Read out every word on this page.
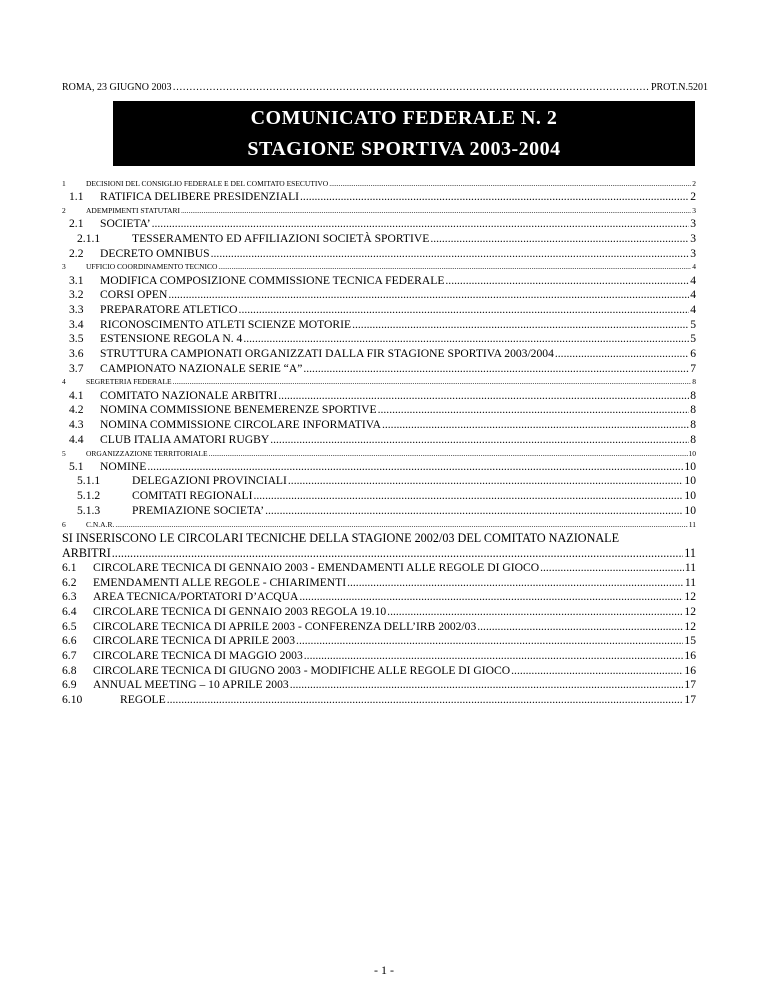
ROMA, 23 GIUGNO 2003 ……………………………………………………………………………………………………………………………………………………………………………………………………	PROT.N.5201
COMUNICATO FEDERALE N. 2
STAGIONE SPORTIVA 2003-2004
1	DECISIONI DEL CONSIGLIO FEDERALE E DEL COMITATO ESECUTIVO .....	2
1.1	RATIFICA DELIBERE PRESIDENZIALI .....	2
2	ADEMPIMENTI STATUTARI .....	3
2.1	SOCIETA’ .....	3
2.1.1	TESSERAMENTO ED AFFILIAZIONI SOCIETÀ SPORTIVE .....	3
2.2	DECRETO OMNIBUS .....	3
3	UFFICIO COORDINAMENTO TECNICO .....	4
3.1	MODIFICA COMPOSIZIONE COMMISSIONE TECNICA FEDERALE .....	4
3.2	CORSI OPEN .....	4
3.3	PREPARATORE ATLETICO .....	4
3.4	RICONOSCIMENTO ATLETI SCIENZE MOTORIE .....	5
3.5	ESTENSIONE REGOLA N. 4 .....	5
3.6	STRUTTURA CAMPIONATI ORGANIZZATI DALLA FIR STAGIONE SPORTIVA 2003/2004 .....	6
3.7	CAMPIONATO NAZIONALE SERIE “A” .....	7
4	SEGRETERIA FEDERALE .....	8
4.1	COMITATO NAZIONALE ARBITRI .....	8
4.2	NOMINA COMMISSIONE BENEMERENZE SPORTIVE .....	8
4.3	NOMINA COMMISSIONE CIRCOLARE INFORMATIVA .....	8
4.4	CLUB ITALIA AMATORI RUGBY .....	8
5	ORGANIZZAZIONE TERRITORIALE .....	10
5.1	NOMINE .....	10
5.1.1	DELEGAZIONI PROVINCIALI .....	10
5.1.2	COMITATI REGIONALI .....	10
5.1.3	PREMIAZIONE SOCIETA’ .....	10
6	C.N.A.R. .....	11
SI INSERISCONO LE CIRCOLARI TECNICHE DELLA STAGIONE 2002/03 DEL COMITATO NAZIONALE
ARBITRI .....	11
6.1	CIRCOLARE TECNICA DI GENNAIO 2003 - EMENDAMENTI ALLE REGOLE DI GIOCO .....	11
6.2	EMENDAMENTI ALLE REGOLE - CHIARIMENTI .....	11
6.3	AREA TECNICA/PORTATORI D’ACQUA .....	12
6.4	CIRCOLARE TECNICA DI GENNAIO 2003 REGOLA 19.10 .....	12
6.5	CIRCOLARE TECNICA DI APRILE 2003 - CONFERENZA DELL’IRB 2002/03 .....	12
6.6	CIRCOLARE TECNICA DI APRILE 2003 .....	15
6.7	CIRCOLARE TECNICA DI MAGGIO 2003 .....	16
6.8	CIRCOLARE TECNICA DI GIUGNO 2003 - MODIFICHE ALLE REGOLE DI GIOCO .....	16
6.9	ANNUAL MEETING – 10 APRILE 2003 .....	17
6.10	REGOLE .....	17
- 1 -
